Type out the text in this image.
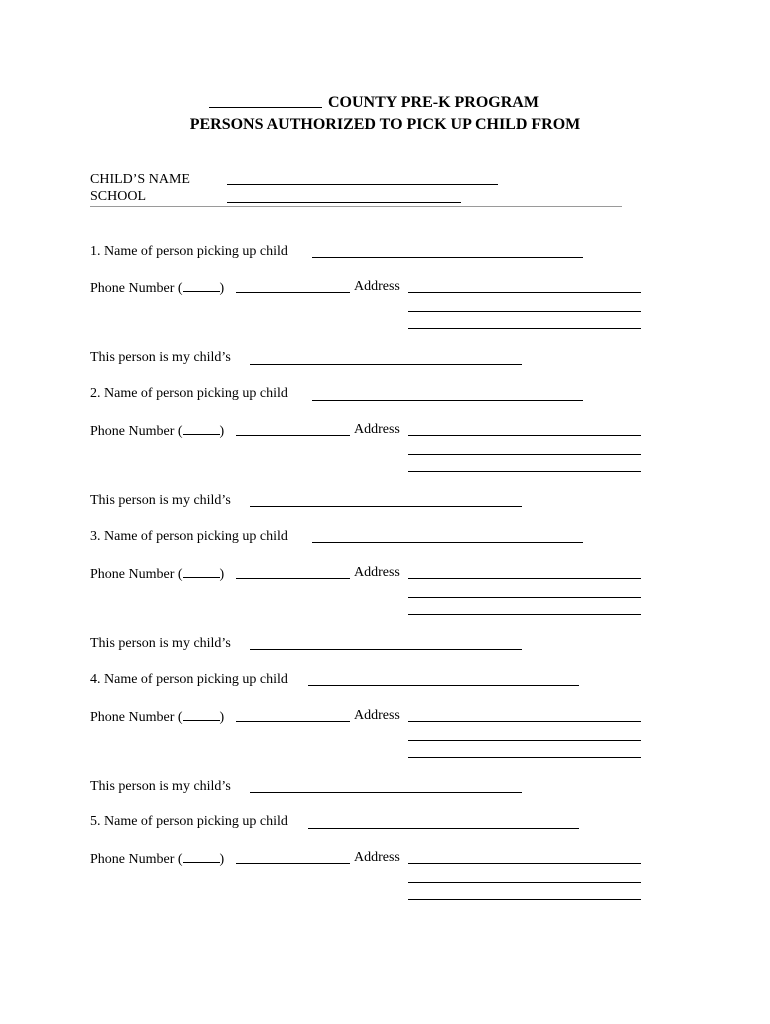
COUNTY PRE-K PROGRAM
PERSONS AUTHORIZED TO PICK UP CHILD FROM
CHILD’S NAME
SCHOOL
1. Name of person picking up child
Phone Number (	)	Address
This person is my child’s
2. Name of person picking up child
Phone Number (	)	Address
This person is my child’s
3. Name of person picking up child
Phone Number (	)	Address
This person is my child’s
4. Name of person picking up child
Phone Number (	)	Address
This person is my child’s
5. Name of person picking up child
Phone Number (	)	Address
